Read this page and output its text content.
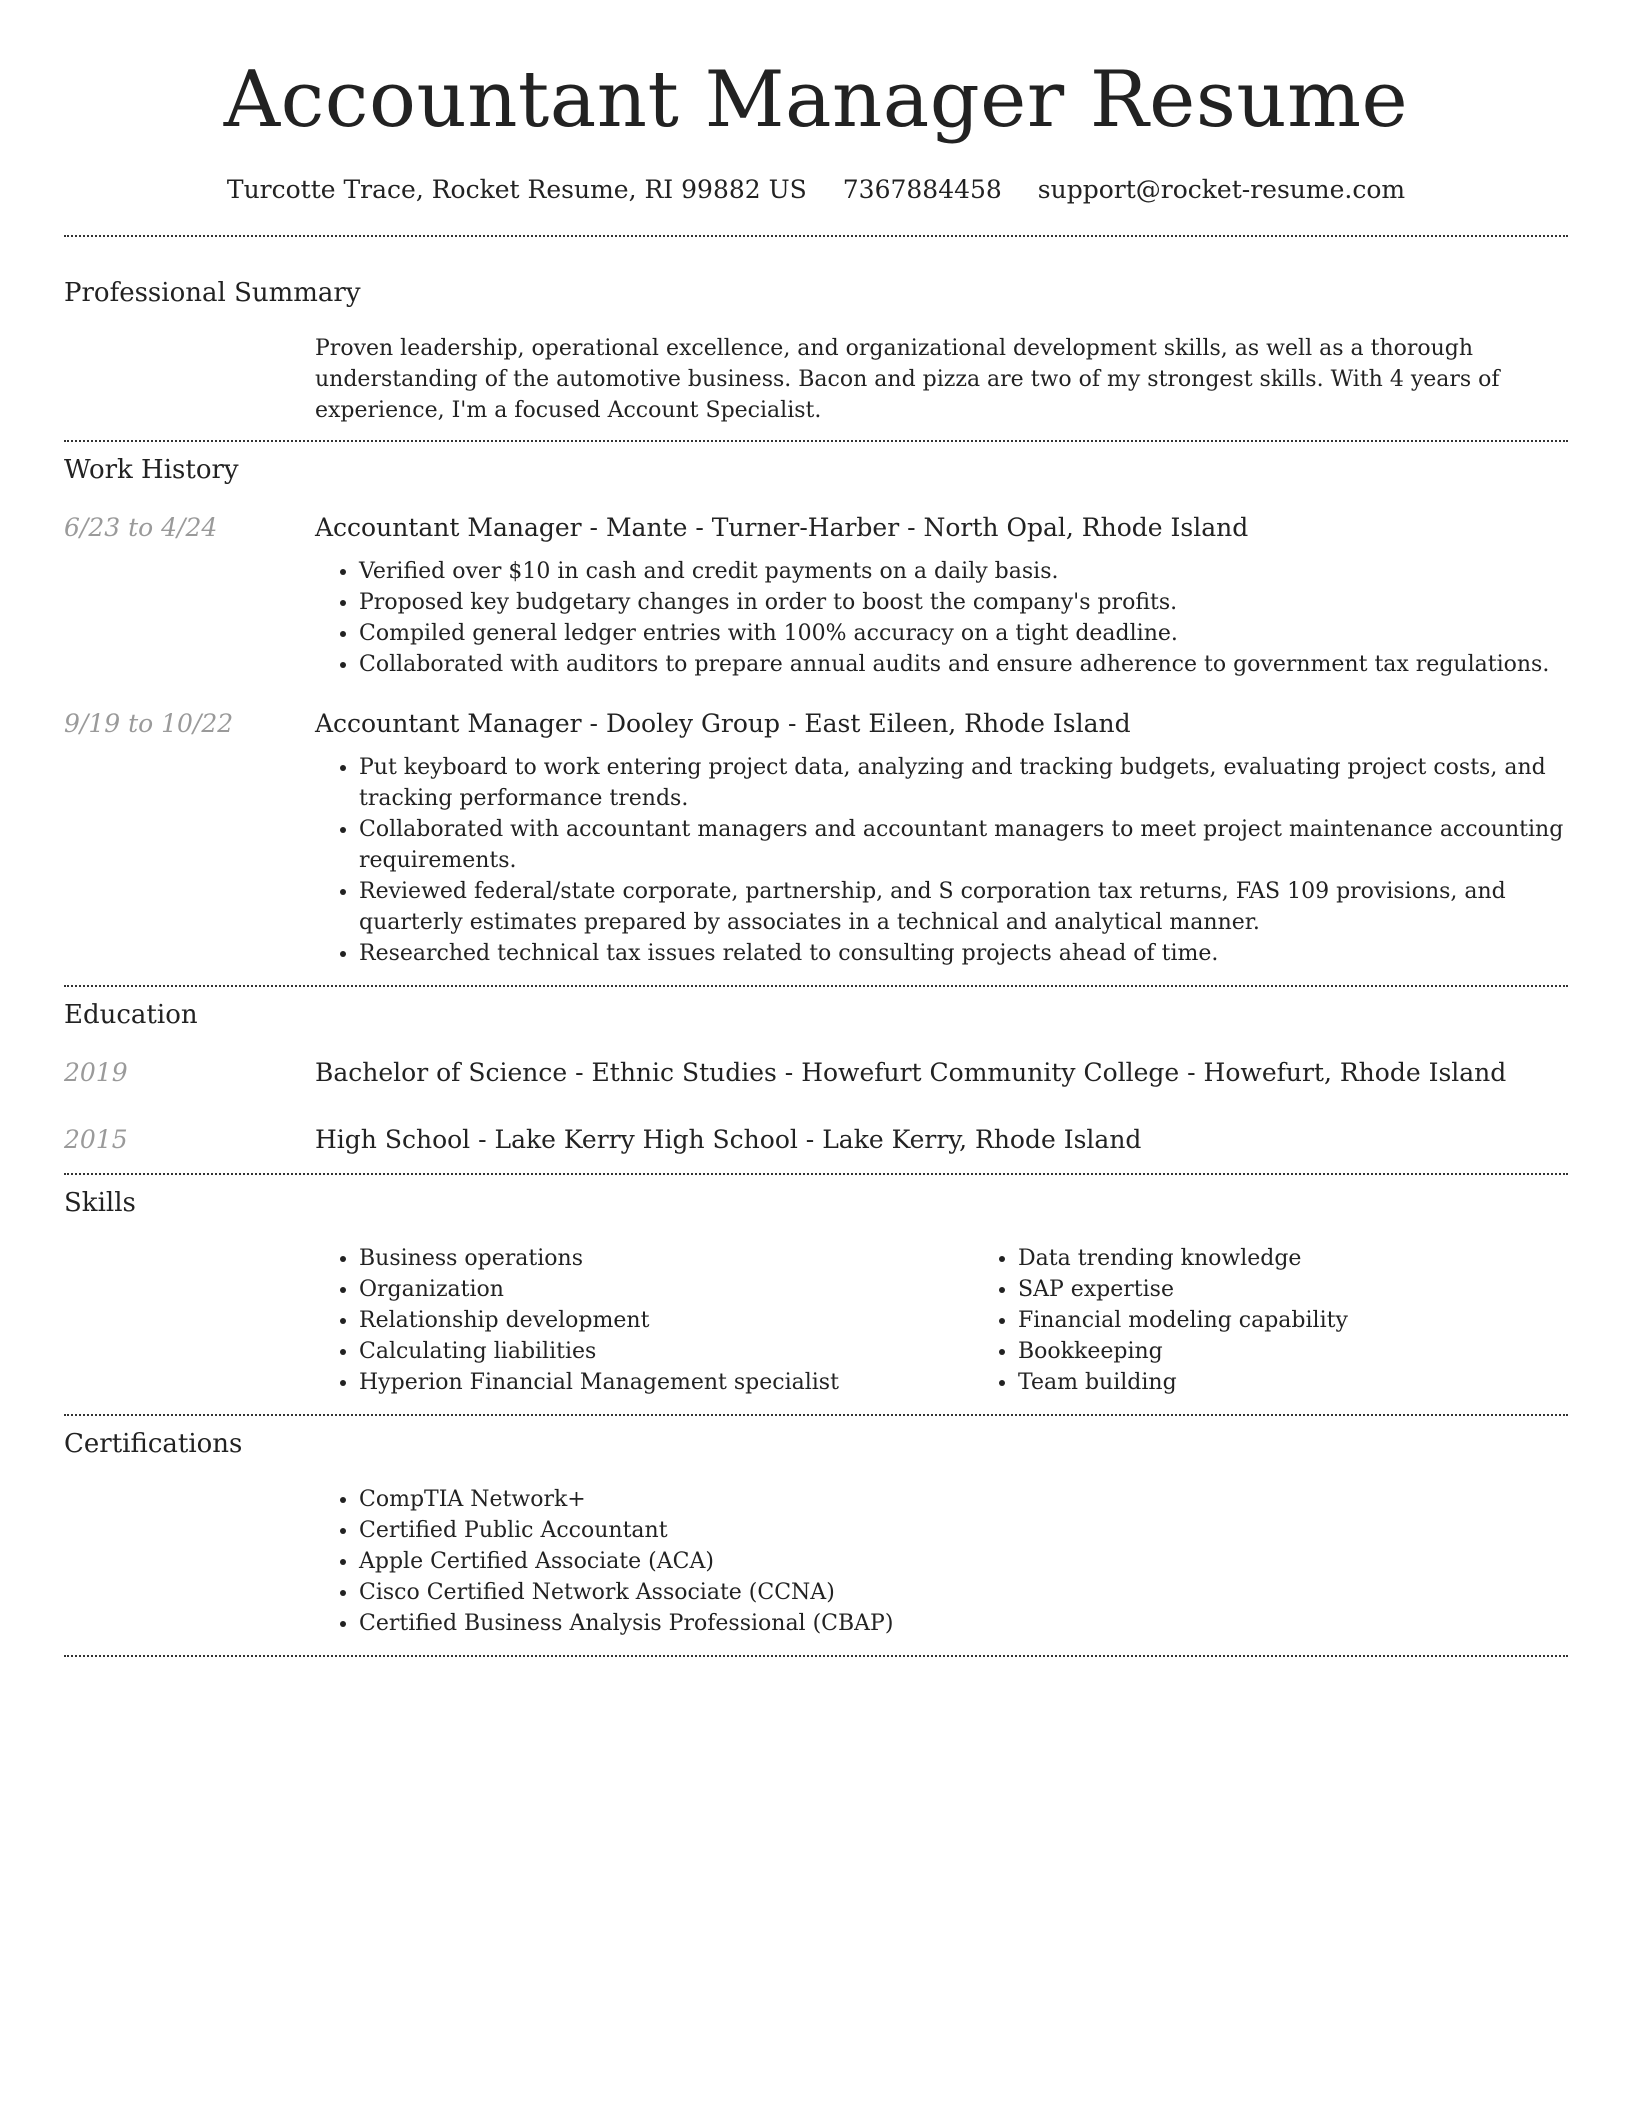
Accountant Manager Resume
Turcotte Trace, Rocket Resume, RI 99882 US 7367884458 support@rocket-resume.com
Professional Summary

Proven leadership, operational excellence, and organizational development skills, as well as a thorough understanding of the automotive business. Bacon and pizza are two of my strongest skills. With 4 years of experience, I'm a focused Account Specialist.

Work History
6/23 to 4/24	Accountant Manager - Mante - Turner-Harber - North Opal, Rhode Island
• Verified over $10 in cash and credit payments on a daily basis.
• Proposed key budgetary changes in order to boost the company's profits.
• Compiled general ledger entries with 100% accuracy on a tight deadline.
• Collaborated with auditors to prepare annual audits and ensure adherence to government tax regulations.
9/19 to 10/22	Accountant Manager - Dooley Group - East Eileen, Rhode Island
• Put keyboard to work entering project data, analyzing and tracking budgets, evaluating project costs, and tracking performance trends.
• Collaborated with accountant managers and accountant managers to meet project maintenance accounting requirements.
• Reviewed federal/state corporate, partnership, and S corporation tax returns, FAS 109 provisions, and quarterly estimates prepared by associates in a technical and analytical manner.
• Researched technical tax issues related to consulting projects ahead of time.
Education
2019	Bachelor of Science - Ethnic Studies - Howefurt Community College - Howefurt, Rhode Island
2015	High School - Lake Kerry High School - Lake Kerry, Rhode Island
Skills
• Business operations
• Organization
• Relationship development
• Calculating liabilities
• Hyperion Financial Management specialist
• Data trending knowledge
• SAP expertise
• Financial modeling capability
• Bookkeeping
• Team building
Certifications
• CompTIA Network+
• Certified Public Accountant
• Apple Certified Associate (ACA)
• Cisco Certified Network Associate (CCNA)
• Certified Business Analysis Professional (CBAP)
